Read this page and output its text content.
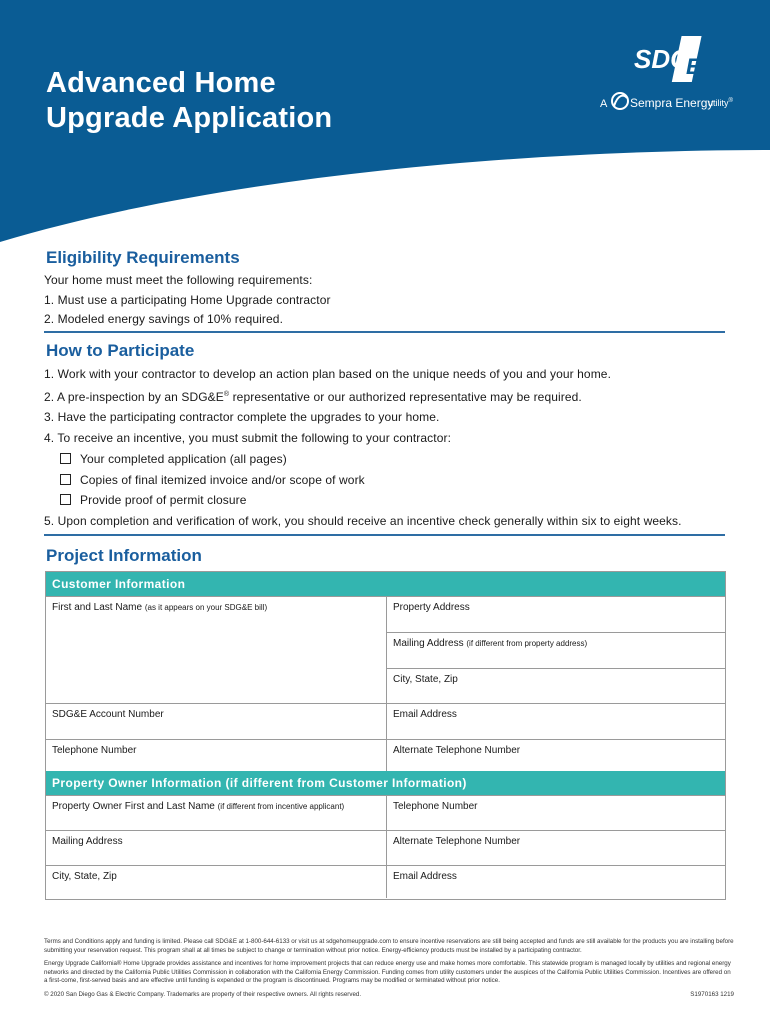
Advanced Home
Upgrade Application
SDG
E
A Sempra Energy
utility®
Eligibility Requirements
Your home must meet the following requirements:
1. Must use a participating Home Upgrade contractor
2. Modeled energy savings of 10% required.
How to Participate
1. Work with your contractor to develop an action plan based on the unique needs of you and your home.
2. A pre-inspection by an SDG&E® representative or our authorized representative may be required.
3. Have the participating contractor complete the upgrades to your home.
4. To receive an incentive, you must submit the following to your contractor:
Your completed application (all pages)
Copies of final itemized invoice and/or scope of work
Provide proof of permit closure
5. Upon completion and verification of work, you should receive an incentive check generally within six to eight weeks.
Project Information
Customer Information
First and Last Name (as it appears on your SDG&E bill)	Property Address
Mailing Address (if different from property address)
City, State, Zip
SDG&E Account Number	Email Address
Telephone Number	Alternate Telephone Number
Property Owner Information (if different from Customer Information)
Property Owner First and Last Name (if different from incentive applicant)	Telephone Number
Mailing Address	Alternate Telephone Number
City, State, Zip	Email Address

Terms and Conditions apply and funding is limited. Please call SDG&E at 1-800-644-6133 or visit us at sdgehomeupgrade.com to ensure incentive reservations are still being accepted and funds are still available for the products you are installing before submitting your reservation request. This program shall at all times be subject to change or termination without prior notice. Energy-efficiency products must be installed by a participating contractor.

Energy Upgrade California® Home Upgrade provides assistance and incentives for home improvement projects that can reduce energy use and make homes more comfortable. This statewide program is managed locally by utilities and regional energy networks and directed by the California Public Utilities Commission in collaboration with the California Energy Commission. Funding comes from utility customers under the auspices of the California Public Utilities Commission. Incentives are offered on a first-come, first-served basis and are effective until funding is expended or the program is discontinued. Programs may be modified or terminated without prior notice.

© 2020 San Diego Gas & Electric Company. Trademarks are property of their respective owners. All rights reserved.	S1970163 1219
